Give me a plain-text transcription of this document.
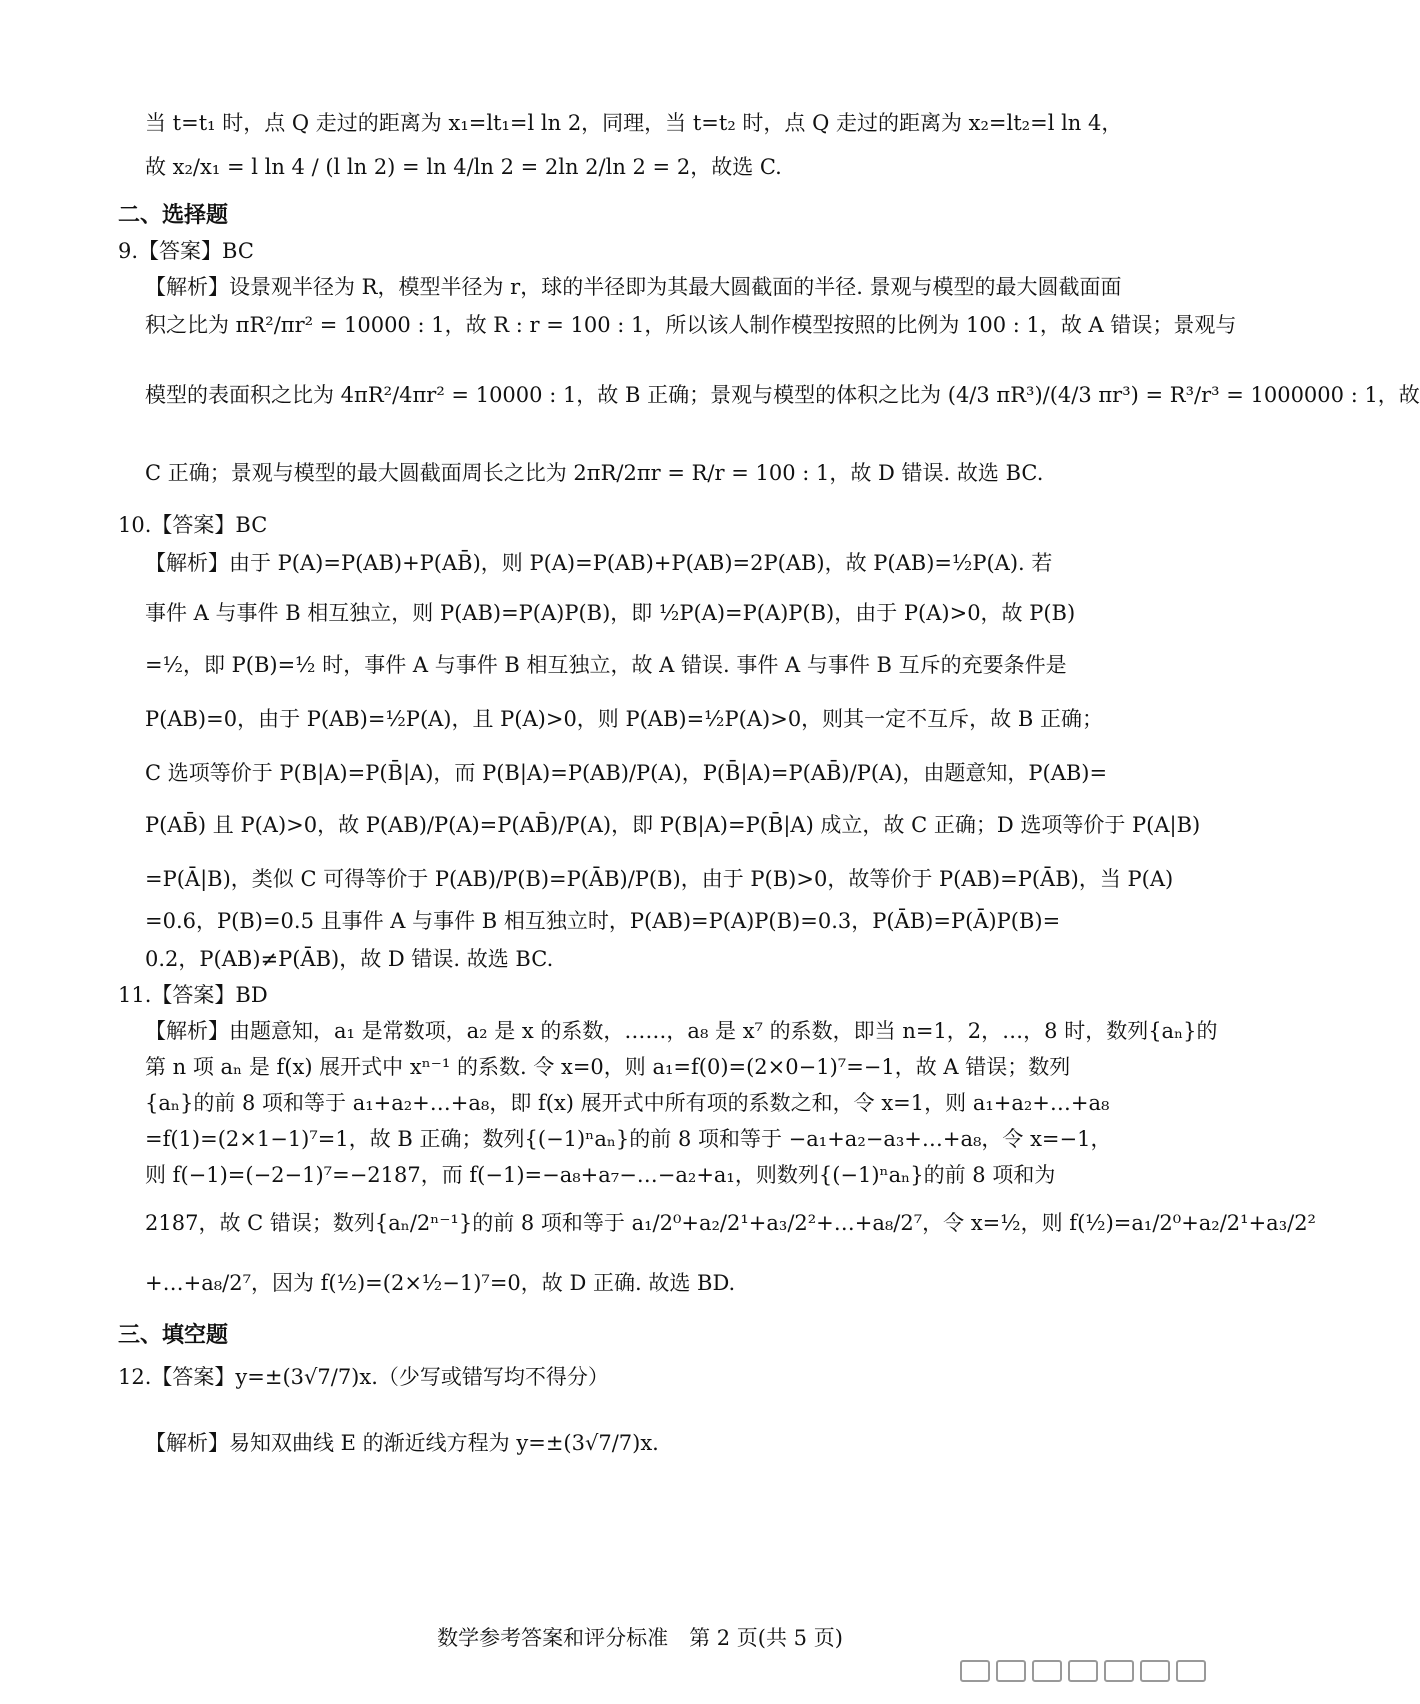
当 t=t₁ 时，点 Q 走过的距离为 x₁=lt₁=l ln 2，同理，当 t=t₂ 时，点 Q 走过的距离为 x₂=lt₂=l ln 4，
故 x₂/x₁ = l ln 4 / (l ln 2) = ln 4/ln 2 = 2ln 2/ln 2 = 2，故选 C.
二、选择题
9.【答案】BC
【解析】设景观半径为 R，模型半径为 r，球的半径即为其最大圆截面的半径. 景观与模型的最大圆截面面
积之比为 πR²/πr² = 10000 : 1，故 R : r = 100 : 1，所以该人制作模型按照的比例为 100 : 1，故 A 错误；景观与
模型的表面积之比为 4πR²/4πr² = 10000 : 1，故 B 正确；景观与模型的体积之比为 (4/3 πR³)/(4/3 πr³) = R³/r³ = 1000000 : 1，故
C 正确；景观与模型的最大圆截面周长之比为 2πR/2πr = R/r = 100 : 1，故 D 错误. 故选 BC.
10.【答案】BC
【解析】由于 P(A)=P(AB)+P(AB̄)，则 P(A)=P(AB)+P(AB)=2P(AB)，故 P(AB)=½P(A). 若
事件 A 与事件 B 相互独立，则 P(AB)=P(A)P(B)，即 ½P(A)=P(A)P(B)，由于 P(A)>0，故 P(B)
=½，即 P(B)=½ 时，事件 A 与事件 B 相互独立，故 A 错误. 事件 A 与事件 B 互斥的充要条件是
P(AB)=0，由于 P(AB)=½P(A)，且 P(A)>0，则 P(AB)=½P(A)>0，则其一定不互斥，故 B 正确；
C 选项等价于 P(B|A)=P(B̄|A)，而 P(B|A)=P(AB)/P(A)，P(B̄|A)=P(AB̄)/P(A)，由题意知，P(AB)=
P(AB̄) 且 P(A)>0，故 P(AB)/P(A)=P(AB̄)/P(A)，即 P(B|A)=P(B̄|A) 成立，故 C 正确；D 选项等价于 P(A|B)
=P(Ā|B)，类似 C 可得等价于 P(AB)/P(B)=P(ĀB)/P(B)，由于 P(B)>0，故等价于 P(AB)=P(ĀB)，当 P(A)
=0.6，P(B)=0.5 且事件 A 与事件 B 相互独立时，P(AB)=P(A)P(B)=0.3，P(ĀB)=P(Ā)P(B)=
0.2，P(AB)≠P(ĀB)，故 D 错误. 故选 BC.
11.【答案】BD
【解析】由题意知，a₁ 是常数项，a₂ 是 x 的系数，……，a₈ 是 x⁷ 的系数，即当 n=1，2，…，8 时，数列{aₙ}的
第 n 项 aₙ 是 f(x) 展开式中 xⁿ⁻¹ 的系数. 令 x=0，则 a₁=f(0)=(2×0−1)⁷=−1，故 A 错误；数列
{aₙ}的前 8 项和等于 a₁+a₂+…+a₈，即 f(x) 展开式中所有项的系数之和，令 x=1，则 a₁+a₂+…+a₈
=f(1)=(2×1−1)⁷=1，故 B 正确；数列{(−1)ⁿaₙ}的前 8 项和等于 −a₁+a₂−a₃+…+a₈，令 x=−1，
则 f(−1)=(−2−1)⁷=−2187，而 f(−1)=−a₈+a₇−…−a₂+a₁，则数列{(−1)ⁿaₙ}的前 8 项和为
2187，故 C 错误；数列{aₙ/2ⁿ⁻¹}的前 8 项和等于 a₁/2⁰+a₂/2¹+a₃/2²+…+a₈/2⁷，令 x=½，则 f(½)=a₁/2⁰+a₂/2¹+a₃/2²
+…+a₈/2⁷，因为 f(½)=(2×½−1)⁷=0，故 D 正确. 故选 BD.
三、填空题
12.【答案】y=±(3√7/7)x.（少写或错写均不得分）
【解析】易知双曲线 E 的渐近线方程为 y=±(3√7/7)x.
数学参考答案和评分标准　第 2 页(共 5 页)
